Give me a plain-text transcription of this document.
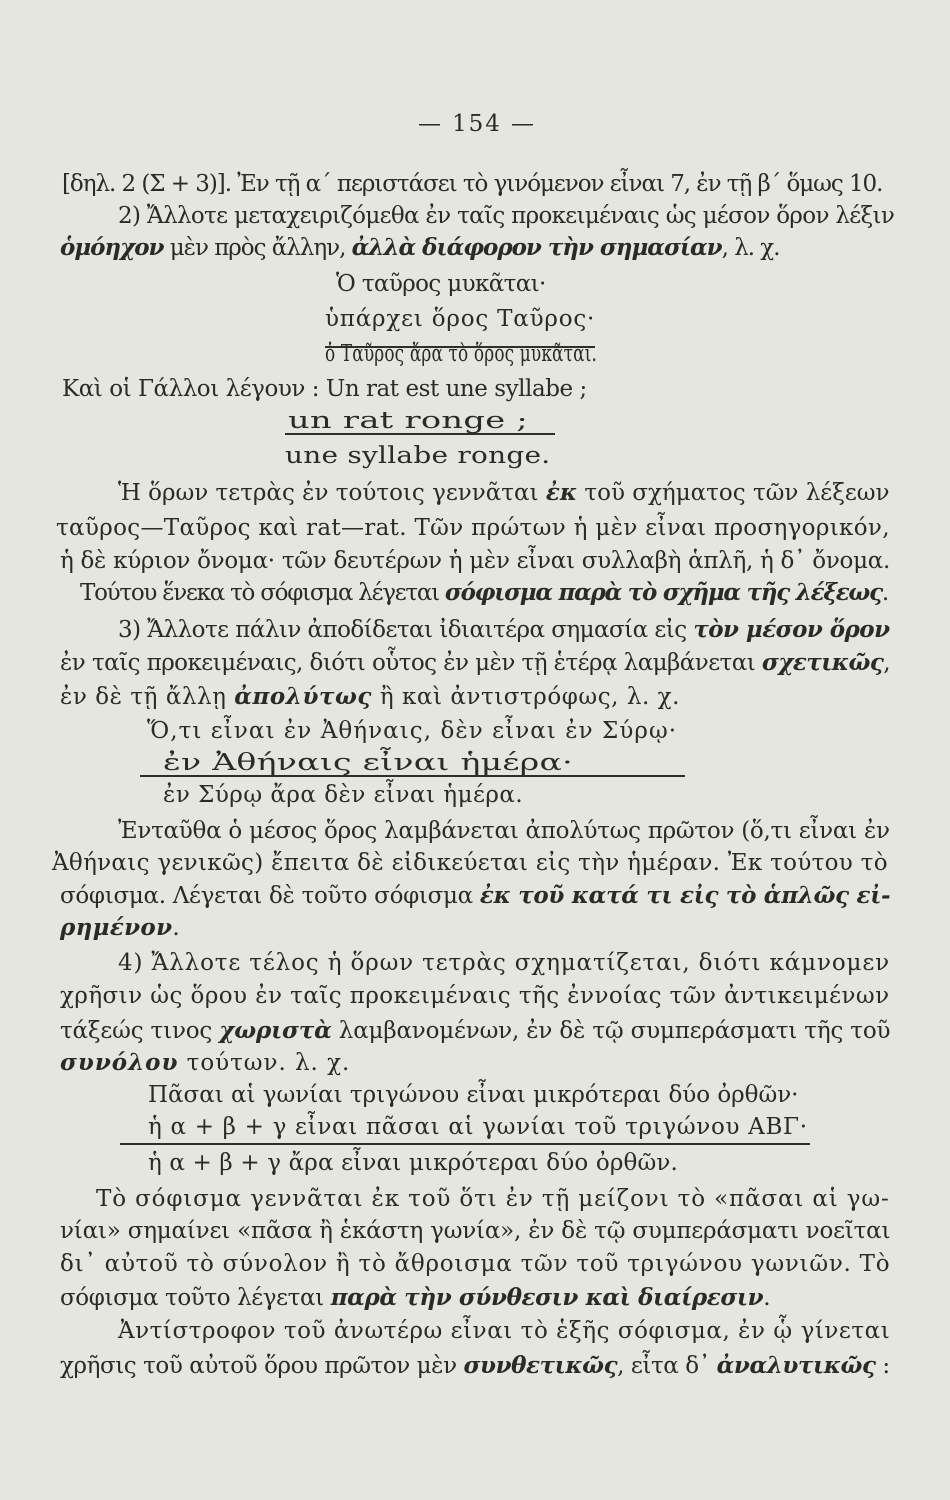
— 154 —
[δηλ. 2 (Σ + 3)]. Ἐν τῇ α΄ περιστάσει τὸ γινόμενον εἶναι 7, ἐν τῇ β΄ ὅμως 10.
2) Ἄλλοτε μεταχειριζόμεθα ἐν ταῖς προκειμέναις ὡς μέσον ὅρον λέξιν
ὁμόηχον μὲν πρὸς ἄλλην, ἀλλὰ διάφορον τὴν σημασίαν, λ. χ.
Ὁ ταῦρος μυκᾶται·
ὑπάρχει ὅρος Ταῦρος·
ὁ Ταῦρος ἄρα τὸ ὅρος μυκᾶται.
Καὶ οἱ Γάλλοι λέγουν : Un rat est une syllabe ;
un rat ronge ;
une syllabe ronge.
Ἡ ὅρων τετρὰς ἐν τούτοις γεννᾶται ἐκ τοῦ σχήματος τῶν λέξεων
ταῦρος—Ταῦρος καὶ rat—rat. Τῶν πρώτων ἡ μὲν εἶναι προσηγορικόν,
ἡ δὲ κύριον ὄνομα· τῶν δευτέρων ἡ μὲν εἶναι συλλαβὴ ἁπλῆ, ἡ δ᾽ ὄνομα.
Τούτου ἕνεκα τὸ σόφισμα λέγεται σόφισμα παρὰ τὸ σχῆμα τῆς λέξεως.
3) Ἄλλοτε πάλιν ἀποδίδεται ἰδιαιτέρα σημασία εἰς τὸν μέσον ὅρον
ἐν ταῖς προκειμέναις, διότι οὗτος ἐν μὲν τῇ ἑτέρᾳ λαμβάνεται σχετικῶς,
ἐν δὲ τῇ ἄλλῃ ἀπολύτως ἢ καὶ ἀντιστρόφως, λ. χ.
Ὅ,τι εἶναι ἐν Ἀθήναις, δὲν εἶναι ἐν Σύρῳ·
ἐν Ἀθήναις εἶναι ἡμέρα·
ἐν Σύρῳ ἄρα δὲν εἶναι ἡμέρα.
Ἐνταῦθα ὁ μέσος ὅρος λαμβάνεται ἀπολύτως πρῶτον (ὅ,τι εἶναι ἐν
Ἀθήναις γενικῶς) ἔπειτα δὲ εἰδικεύεται εἰς τὴν ἡμέραν. Ἐκ τούτου τὸ
σόφισμα. Λέγεται δὲ τοῦτο σόφισμα ἐκ τοῦ κατά τι εἰς τὸ ἁπλῶς εἰ-
ρημένον.
4) Ἄλλοτε τέλος ἡ ὅρων τετρὰς σχηματίζεται, διότι κάμνομεν
χρῆσιν ὡς ὅρου ἐν ταῖς προκειμέναις τῆς ἐννοίας τῶν ἀντικειμένων
τάξεώς τινος χωριστὰ λαμβανομένων, ἐν δὲ τῷ συμπεράσματι τῆς τοῦ
συνόλου τούτων. λ. χ.
Πᾶσαι αἱ γωνίαι τριγώνου εἶναι μικρότεραι δύο ὀρθῶν·
ἡ α + β + γ εἶναι πᾶσαι αἱ γωνίαι τοῦ τριγώνου ΑΒΓ·
ἡ α + β + γ ἄρα εἶναι μικρότεραι δύο ὀρθῶν.
Τὸ σόφισμα γεννᾶται ἐκ τοῦ ὅτι ἐν τῇ μείζονι τὸ «πᾶσαι αἱ γω-
νίαι» σημαίνει «πᾶσα ἢ ἑκάστη γωνία», ἐν δὲ τῷ συμπεράσματι νοεῖται
δι᾽ αὐτοῦ τὸ σύνολον ἢ τὸ ἄθροισμα τῶν τοῦ τριγώνου γωνιῶν. Τὸ
σόφισμα τοῦτο λέγεται παρὰ τὴν σύνθεσιν καὶ διαίρεσιν.
Ἀντίστροφον τοῦ ἀνωτέρω εἶναι τὸ ἑξῆς σόφισμα, ἐν ᾧ γίνεται
χρῆσις τοῦ αὐτοῦ ὅρου πρῶτον μὲν συνθετικῶς, εἶτα δ᾽ ἀναλυτικῶς :
